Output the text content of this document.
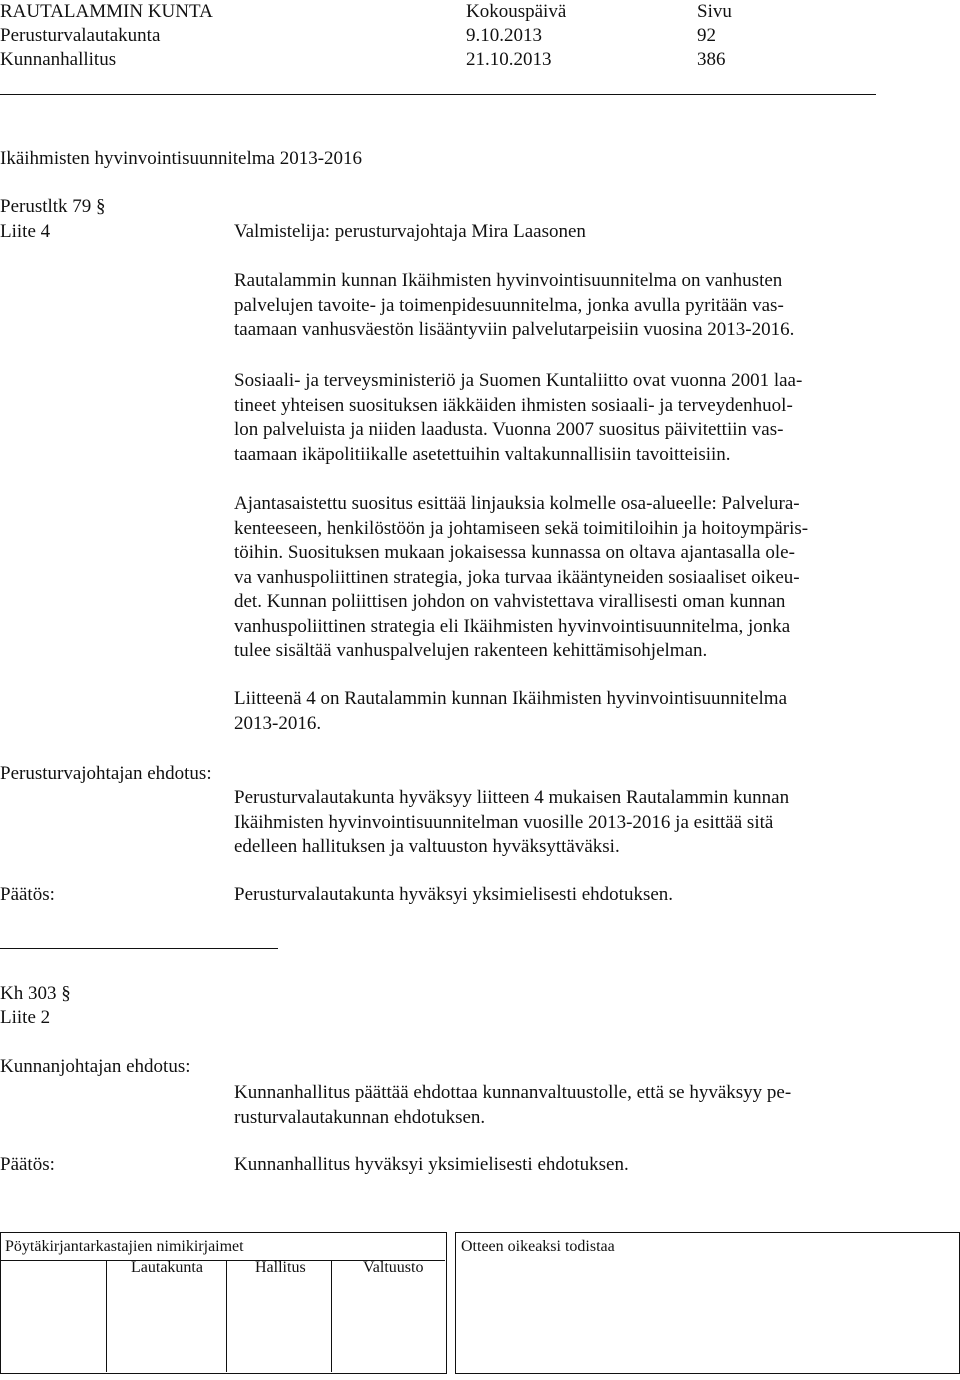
RAUTALAMMIN KUNTA	Kokouspäivä	Sivu
Perusturvalautakunta	9.10.2013	92
Kunnanhallitus	21.10.2013	386
Ikäihmisten hyvinvointisuunnitelma 2013-2016
Perustltk 79 §
Liite 4	Valmistelija: perusturvajohtaja Mira Laasonen
Rautalammin kunnan Ikäihmisten hyvinvointisuunnitelma on vanhusten
palvelujen tavoite- ja toimenpidesuunnitelma, jonka avulla pyritään vas-
taamaan vanhusväestön lisääntyviin palvelutarpeisiin vuosina 2013-2016.
Sosiaali- ja terveysministeriö ja Suomen Kuntaliitto ovat vuonna 2001 laa-
tineet yhteisen suosituksen iäkkäiden ihmisten sosiaali- ja terveydenhuol-
lon palveluista ja niiden laadusta. Vuonna 2007 suositus päivitettiin vas-
taamaan ikäpolitiikalle asetettuihin valtakunnallisiin tavoitteisiin.
Ajantasaistettu suositus esittää linjauksia kolmelle osa-alueelle: Palvelura-
kenteeseen, henkilöstöön ja johtamiseen sekä toimitiloihin ja hoitoympäris-
töihin. Suosituksen mukaan jokaisessa kunnassa on oltava ajantasalla ole-
va vanhuspoliittinen strategia, joka turvaa ikääntyneiden sosiaaliset oikeu-
det. Kunnan poliittisen johdon on vahvistettava virallisesti oman kunnan
vanhuspoliittinen strategia eli Ikäihmisten hyvinvointisuunnitelma, jonka
tulee sisältää vanhuspalvelujen rakenteen kehittämisohjelman.
Liitteenä 4 on Rautalammin kunnan Ikäihmisten hyvinvointisuunnitelma
2013-2016.
Perusturvajohtajan ehdotus:
Perusturvalautakunta hyväksyy liitteen 4 mukaisen Rautalammin kunnan
Ikäihmisten hyvinvointisuunnitelman vuosille 2013-2016 ja esittää sitä
edelleen hallituksen ja valtuuston hyväksyttäväksi.
Päätös:	Perusturvalautakunta hyväksyi yksimielisesti ehdotuksen.
Kh 303 §
Liite 2
Kunnanjohtajan ehdotus:
Kunnanhallitus päättää ehdottaa kunnanvaltuustolle, että se hyväksyy pe-
rusturvalautakunnan ehdotuksen.
Päätös:	Kunnanhallitus hyväksyi yksimielisesti ehdotuksen.
Pöytäkirjantarkastajien nimikirjaimet
Lautakunta	Hallitus	Valtuusto
Otteen oikeaksi todistaa
